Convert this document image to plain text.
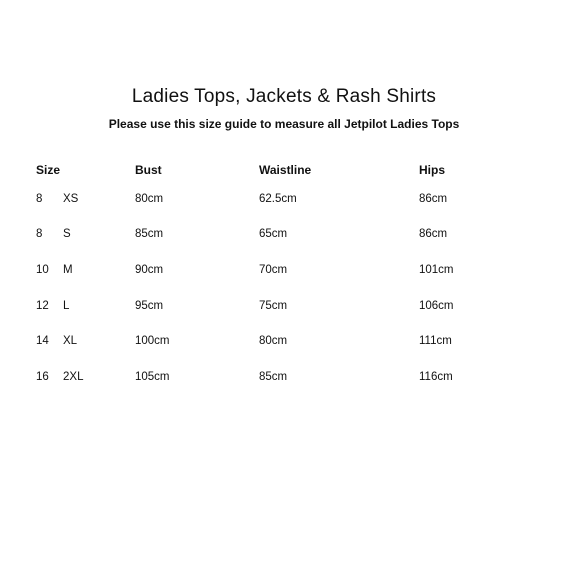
Ladies Tops, Jackets & Rash Shirts
Please use this size guide to measure all Jetpilot Ladies Tops
Size	Bust	Waistline	Hips
8 XS	80cm	62.5cm	86cm
8 S	85cm	65cm	86cm
10 M	90cm	70cm	101cm
12 L	95cm	75cm	106cm
14 XL	100cm	80cm	111cm
16 2XL	105cm	85cm	116cm
